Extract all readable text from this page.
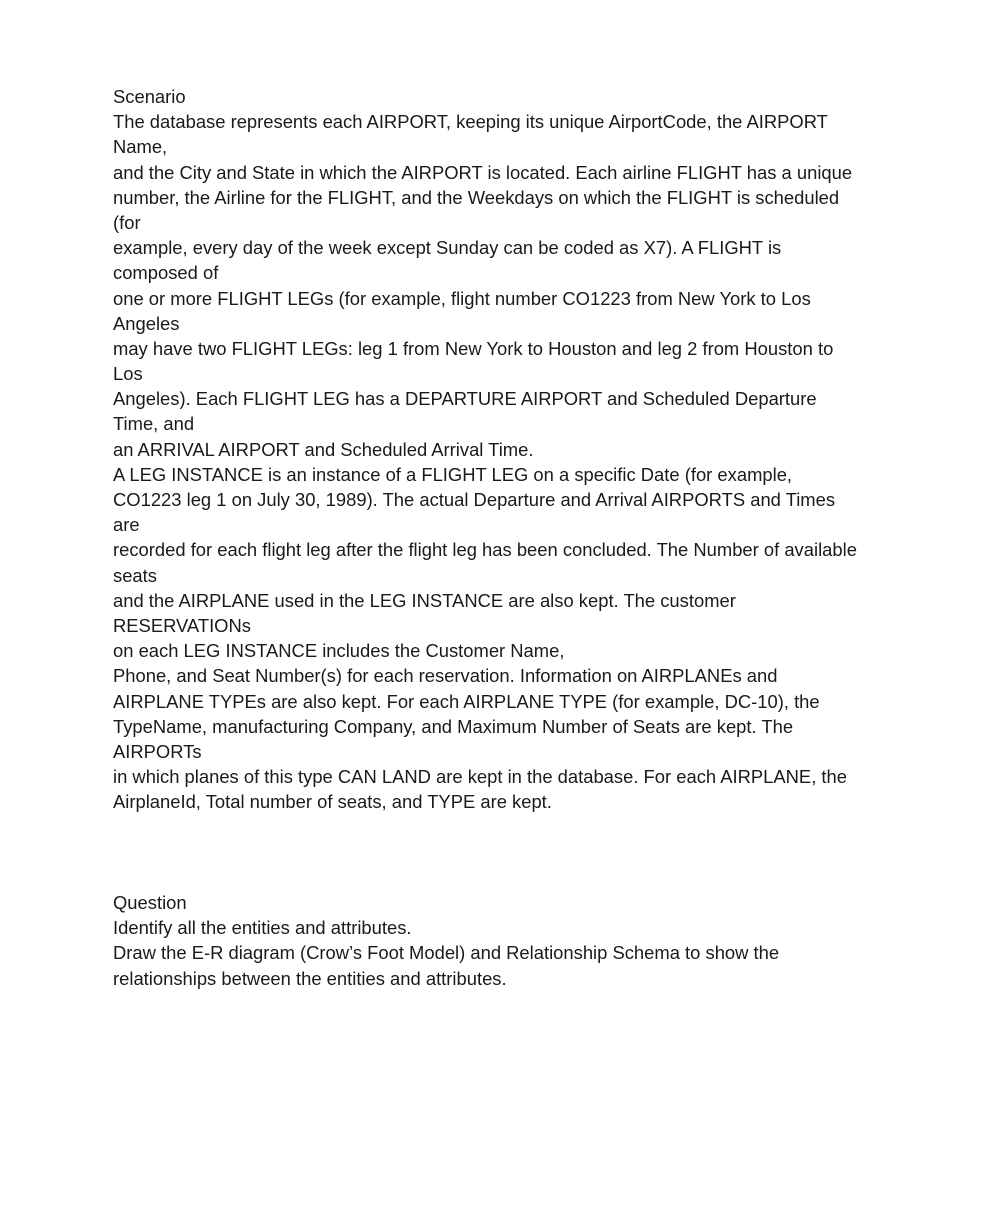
Scenario
The database represents each AIRPORT, keeping its unique AirportCode, the AIRPORT
Name,
and the City and State in which the AIRPORT is located. Each airline FLIGHT has a unique
number, the Airline for the FLIGHT, and the Weekdays on which the FLIGHT is scheduled
(for
example, every day of the week except Sunday can be coded as X7). A FLIGHT is
composed of
one or more FLIGHT LEGs (for example, flight number CO1223 from New York to Los
Angeles
may have two FLIGHT LEGs: leg 1 from New York to Houston and leg 2 from Houston to
Los
Angeles). Each FLIGHT LEG has a DEPARTURE AIRPORT and Scheduled Departure
Time, and
an ARRIVAL AIRPORT and Scheduled Arrival Time.
A LEG INSTANCE is an instance of a FLIGHT LEG on a specific Date (for example,
CO1223 leg 1 on July 30, 1989). The actual Departure and Arrival AIRPORTS and Times
are
recorded for each flight leg after the flight leg has been concluded. The Number of available
seats
and the AIRPLANE used in the LEG INSTANCE are also kept. The customer
RESERVATIONs
on each LEG INSTANCE includes the Customer Name,
Phone, and Seat Number(s) for each reservation. Information on AIRPLANEs and
AIRPLANE TYPEs are also kept. For each AIRPLANE TYPE (for example, DC-10), the
TypeName, manufacturing Company, and Maximum Number of Seats are kept. The
AIRPORTs
in which planes of this type CAN LAND are kept in the database. For each AIRPLANE, the
AirplaneId, Total number of seats, and TYPE are kept.
Question
Identify all the entities and attributes.
Draw the E-R diagram (Crow’s Foot Model) and Relationship Schema to show the
relationships between the entities and attributes.
